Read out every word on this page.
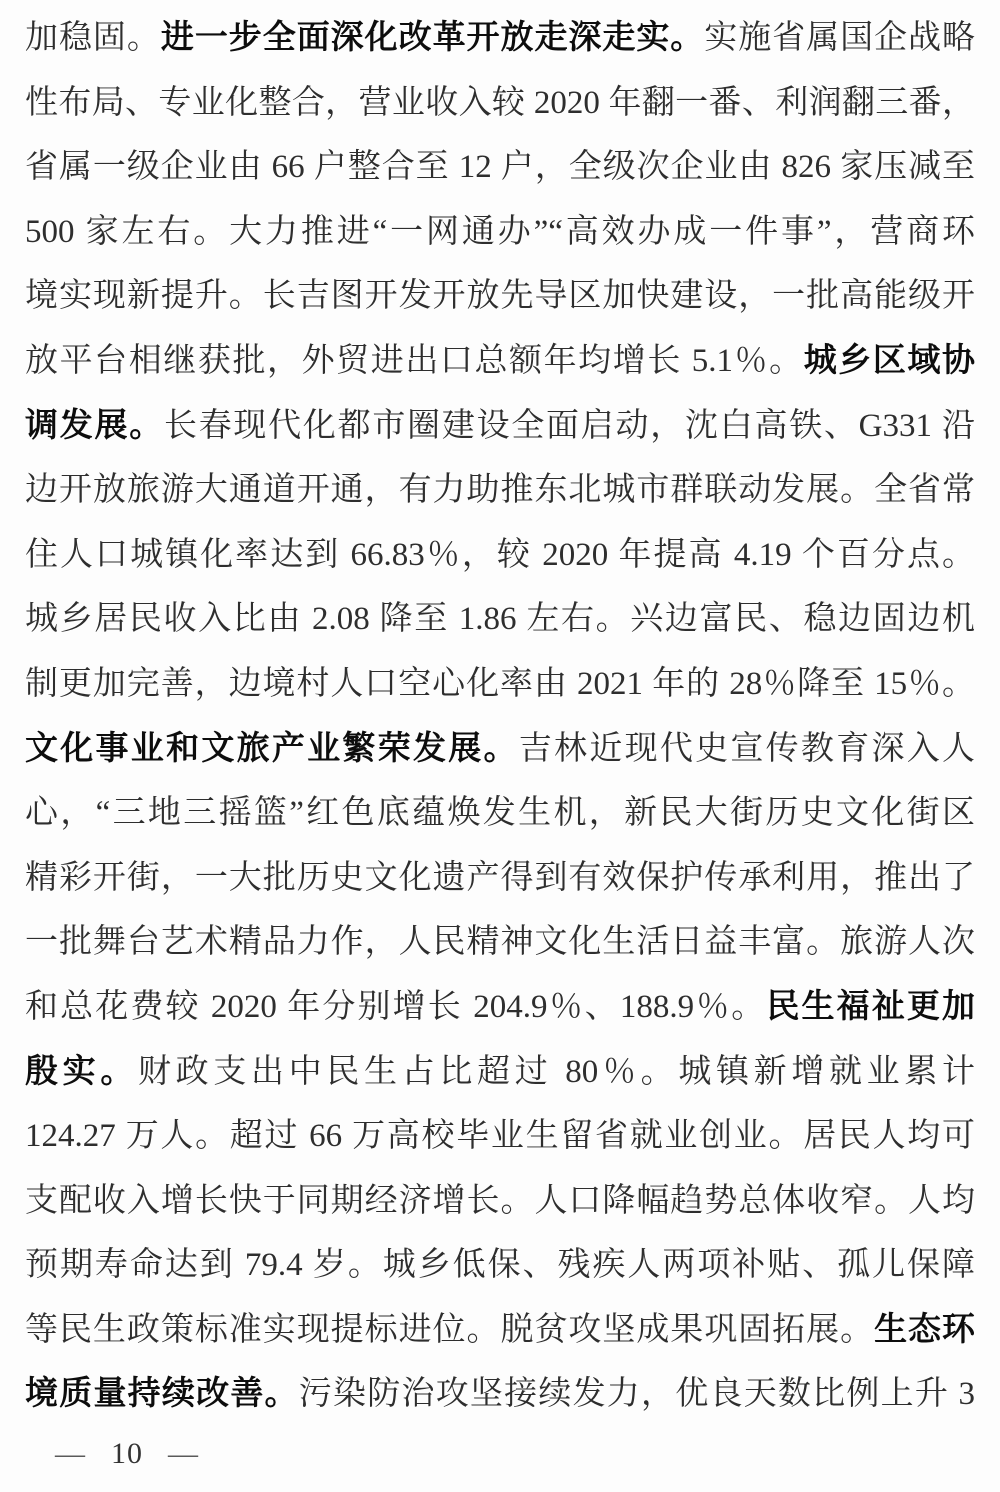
加稳固。进一步全面深化改革开放走深走实。实施省属国企战略
性布局、专业化整合，营业收入较 2020 年翻一番、利润翻三番，
省属一级企业由 66 户整合至 12 户，全级次企业由 826 家压减至
500 家左右。大力推进“一网通办”“高效办成一件事”，营商环
境实现新提升。长吉图开发开放先导区加快建设，一批高能级开
放平台相继获批，外贸进出口总额年均增长 5.1％。城乡区域协
调发展。长春现代化都市圈建设全面启动，沈白高铁、G331 沿
边开放旅游大通道开通，有力助推东北城市群联动发展。全省常
住人口城镇化率达到 66.83％，较 2020 年提高 4.19 个百分点。
城乡居民收入比由 2.08 降至 1.86 左右。兴边富民、稳边固边机
制更加完善，边境村人口空心化率由 2021 年的 28％降至 15％。
文化事业和文旅产业繁荣发展。吉林近现代史宣传教育深入人
心，“三地三摇篮”红色底蕴焕发生机，新民大街历史文化街区
精彩开街，一大批历史文化遗产得到有效保护传承利用，推出了
一批舞台艺术精品力作，人民精神文化生活日益丰富。旅游人次
和总花费较 2020 年分别增长 204.9％、188.9％。民生福祉更加
殷实。财政支出中民生占比超过 80％。城镇新增就业累计
124.27 万人。超过 66 万高校毕业生留省就业创业。居民人均可
支配收入增长快于同期经济增长。人口降幅趋势总体收窄。人均
预期寿命达到 79.4 岁。城乡低保、残疾人两项补贴、孤儿保障
等民生政策标准实现提标进位。脱贫攻坚成果巩固拓展。生态环
境质量持续改善。污染防治攻坚接续发力，优良天数比例上升 3
— 10 —
